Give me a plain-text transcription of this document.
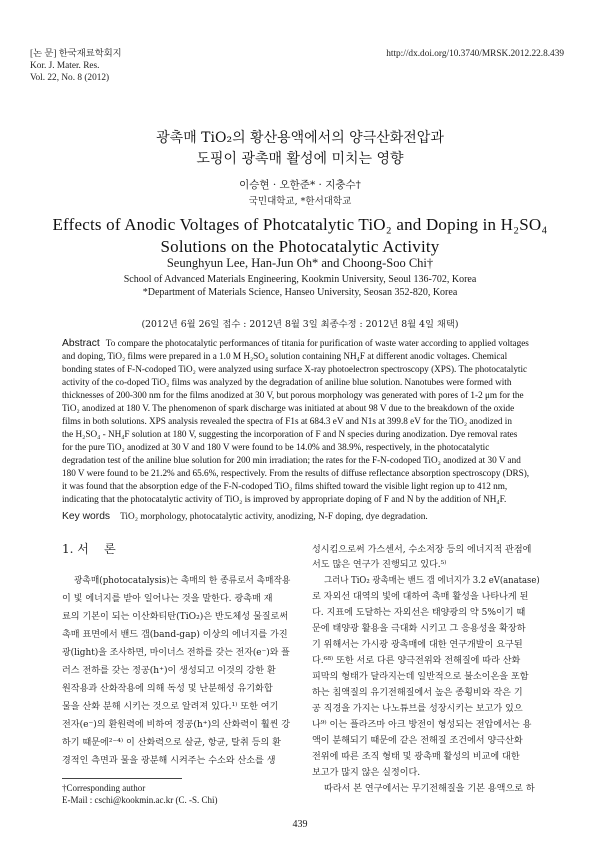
[논 문] 한국재료학회지
Kor. J. Mater. Res.
Vol. 22, No. 8 (2012)
http://dx.doi.org/10.3740/MRSK.2012.22.8.439
광촉매 TiO₂의 황산용액에서의 양극산화전압과
도핑이 광촉매 활성에 미치는 영향
이승현 · 오한준* · 지충수†
국민대학교, *한서대학교
Effects of Anodic Voltages of Photcatalytic TiO₂ and Doping in H₂SO₄
Solutions on the Photocatalytic Activity
Seunghyun Lee, Han-Jun Oh* and Choong-Soo Chi†
School of Advanced Materials Engineering, Kookmin University, Seoul 136-702, Korea
*Department of Materials Science, Hanseo University, Seosan 352-820, Korea
(2012년 6월 26일 접수 : 2012년 8월 3일 최종수정 : 2012년 8월 4일 채택)
Abstract To compare the photocatalytic performances of titania for purification of waste water according to applied voltages
and doping, TiO₂ films were prepared in a 1.0 M H₂SO₄ solution containing NH₄F at different anodic voltages. Chemical
bonding states of F-N-codoped TiO₂ were analyzed using surface X-ray photoelectron spectroscopy (XPS). The photocatalytic
activity of the co-doped TiO₂ films was analyzed by the degradation of aniline blue solution. Nanotubes were formed with
thicknesses of 200-300 nm for the films anodized at 30 V, but porous morphology was generated with pores of 1-2 μm for the
TiO₂ anodized at 180 V. The phenomenon of spark discharge was initiated at about 98 V due to the breakdown of the oxide
films in both solutions. XPS analysis revealed the spectra of F1s at 684.3 eV and N1s at 399.8 eV for the TiO₂ anodized in
the H₂SO₄ - NH₄F solution at 180 V, suggesting the incorporation of F and N species during anodization. Dye removal rates
for the pure TiO₂ anodized at 30 V and 180 V were found to be 14.0% and 38.9%, respectively, in the photocatalytic
degradation test of the aniline blue solution for 200 min irradiation; the rates for the F-N-codoped TiO₂ anodized at 30 V and
180 V were found to be 21.2% and 65.6%, respectively. From the results of diffuse reflectance absorption spectroscopy (DRS),
it was found that the absorption edge of the F-N-codoped TiO₂ films shifted toward the visible light region up to 412 nm,
indicating that the photocatalytic activity of TiO₂ is improved by appropriate doping of F and N by the addition of NH₄F.
Key words TiO₂ morphology, photocatalytic activity, anodizing, N-F doping, dye degradation.
1. 서    론
광촉매(photocatalysis)는 촉매의 한 종류로서 촉매작용
이 빛 에너지를 받아 일어나는 것을 말한다. 광촉매 재
료의 기본이 되는 이산화티탄(TiO₂)은 반도체성 물질로써
촉매 표면에서 밴드 갭(band-gap) 이상의 에너지를 가진
광(light)을 조사하면, 마이너스 전하를 갖는 전자(e⁻)와 플
러스 전하를 갖는 정공(h⁺)이 생성되고 이것의 강한 환
원작용과 산화작용에 의해 독성 및 난분해성 유기화합
물을 산화 분해 시키는 것으로 알려져 있다.¹⁾ 또한 여기
전자(e⁻)의 환원력에 비하여 정공(h⁺)의 산화력이 훨씬 강
하기 때문에²⁻⁴⁾ 이 산화력으로 살균, 항균, 탈취 등의 환
경적인 측면과 물을 광분해 시켜주는 수소와 산소를 생
†Corresponding author
E-Mail : cschi@kookmin.ac.kr (C. -S. Chi)
성시킴으로써 가스센서, 수소저장 등의 에너지적 관점에
서도 많은 연구가 진행되고 있다.⁵⁾
그러나 TiO₂ 광촉매는 밴드 갭 에너지가 3.2 eV(anatase)
로 자외선 대역의 빛에 대하여 촉매 활성을 나타나게 된
다. 지표에 도달하는 자외선은 태양광의 약 5%이기 때
문에 태양광 활용을 극대화 시키고 그 응용성을 확장하
기 위해서는 가시광 광촉매에 대한 연구개발이 요구된
다.⁶⁸⁾ 또한 서로 다른 양극전위와 전해질에 따라 산화
피막의 형태가 달라지는데 일반적으로 불소이온을 포함
하는 침액질의 유기전해질에서 높은 종횡비와 작은 기
공 직경을 가지는 나노튜브를 성장시키는 보고가 있으
나⁹⁾ 이는 플라즈마 아크 방전이 형성되는 전압에서는 용
액이 분해되기 때문에 같은 전해질 조건에서 양극산화
전위에 따른 조직 형태 및 광촉매 활성의 비교에 대한
보고가 많지 않은 실정이다.
따라서 본 연구에서는 무기전해질을 기본 용액으로 하
439
